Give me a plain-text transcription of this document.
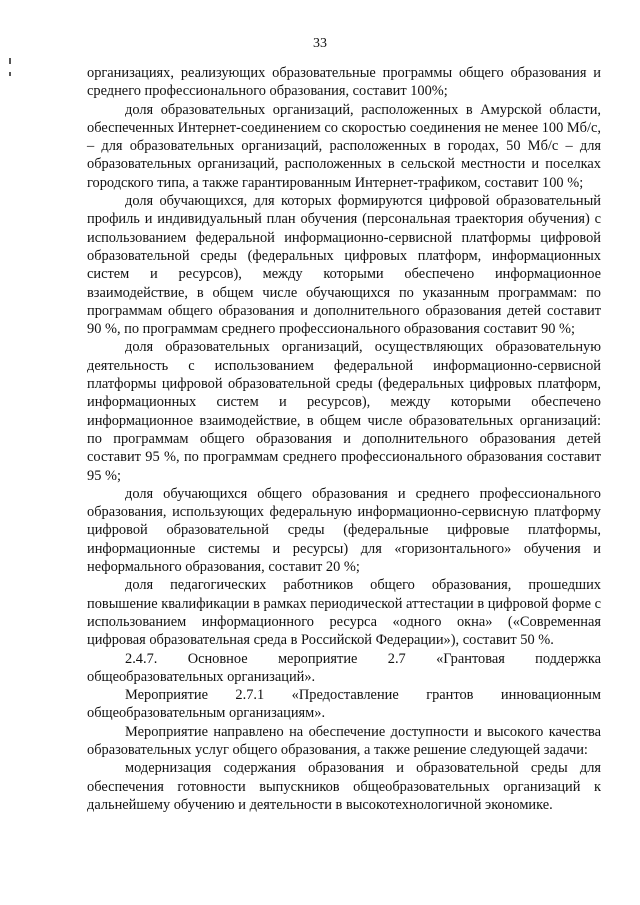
33

организациях, реализующих образовательные программы общего образования и среднего профессионального образования, составит 100%;

доля образовательных организаций, расположенных в Амурской области, обеспеченных Интернет-соединением со скоростью соединения не менее 100 Мб/с, – для образовательных организаций, расположенных в городах, 50 Мб/с – для образовательных организаций, расположенных в сельской местности и поселках городского типа, а также гарантированным Интернет-трафиком, составит 100 %;

доля обучающихся, для которых формируются цифровой образовательный профиль и индивидуальный план обучения (персональная траектория обучения) с использованием федеральной информационно-сервисной платформы цифровой образовательной среды (федеральных цифровых платформ, информационных систем и ресурсов), между которыми обеспечено информационное взаимодействие, в общем числе обучающихся по указанным программам: по программам общего образования и дополнительного образования детей составит 90 %, по программам среднего профессионального образования составит 90 %;

доля образовательных организаций, осуществляющих образовательную деятельность с использованием федеральной информационно-сервисной платформы цифровой образовательной среды (федеральных цифровых платформ, информационных систем и ресурсов), между которыми обеспечено информационное взаимодействие, в общем числе образовательных организаций: по программам общего образования и дополнительного образования детей составит 95 %, по программам среднего профессионального образования составит 95 %;

доля обучающихся общего образования и среднего профессионального образования, использующих федеральную информационно-сервисную платформу цифровой образовательной среды (федеральные цифровые платформы, информационные системы и ресурсы) для «горизонтального» обучения и неформального образования, составит 20 %;

доля педагогических работников общего образования, прошедших повышение квалификации в рамках периодической аттестации в цифровой форме с использованием информационного ресурса «одного окна» («Современная цифровая образовательная среда в Российской Федерации»), составит 50 %.

2.4.7. Основное мероприятие 2.7 «Грантовая поддержка общеобразовательных организаций».

Мероприятие 2.7.1 «Предоставление грантов инновационным общеобразовательным организациям».

Мероприятие направлено на обеспечение доступности и высокого качества образовательных услуг общего образования, а также решение следующей задачи:

модернизация содержания образования и образовательной среды для обеспечения готовности выпускников общеобразовательных организаций к дальнейшему обучению и деятельности в высокотехнологичной экономике.
